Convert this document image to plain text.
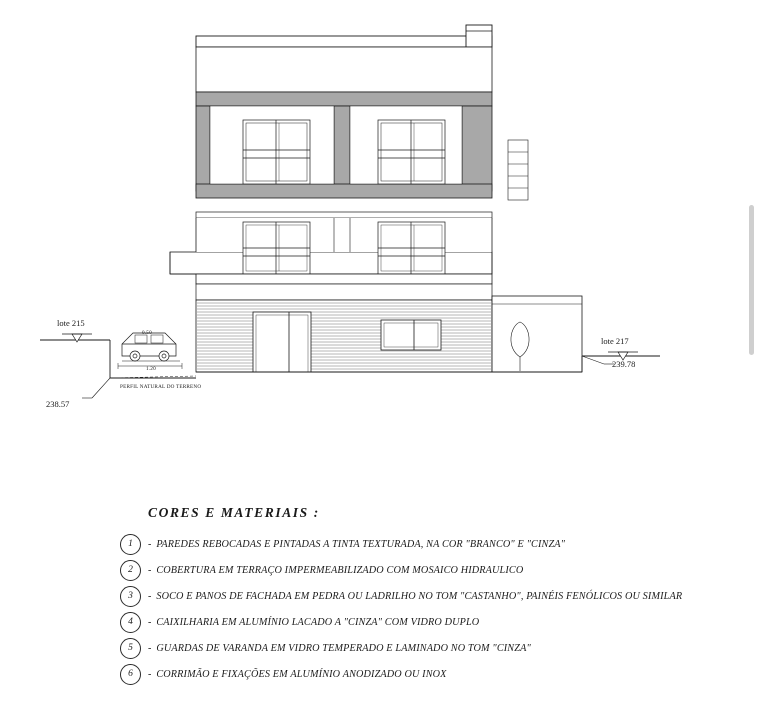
lote 215
lote 217
238.57
239.78
PERFIL NATURAL DO TERRENO
0.50
1.20
CORES E MATERIAIS :
1	- PAREDES REBOCADAS E PINTADAS A TINTA TEXTURADA, NA COR "BRANCO" E "CINZA"
2	- COBERTURA EM TERRAÇO IMPERMEABILIZADO COM MOSAICO HIDRAULICO
3	- SOCO E PANOS DE FACHADA EM PEDRA OU LADRILHO NO TOM "CASTANHO", PAINÉIS FENÓLICOS OU SIMILAR
4	- CAIXILHARIA EM ALUMÍNIO LACADO A "CINZA" COM VIDRO DUPLO
5	- GUARDAS DE VARANDA EM VIDRO TEMPERADO E LAMINADO NO TOM "CINZA"
6	- CORRIMÃO E FIXAÇÕES EM ALUMÍNIO ANODIZADO OU INOX
